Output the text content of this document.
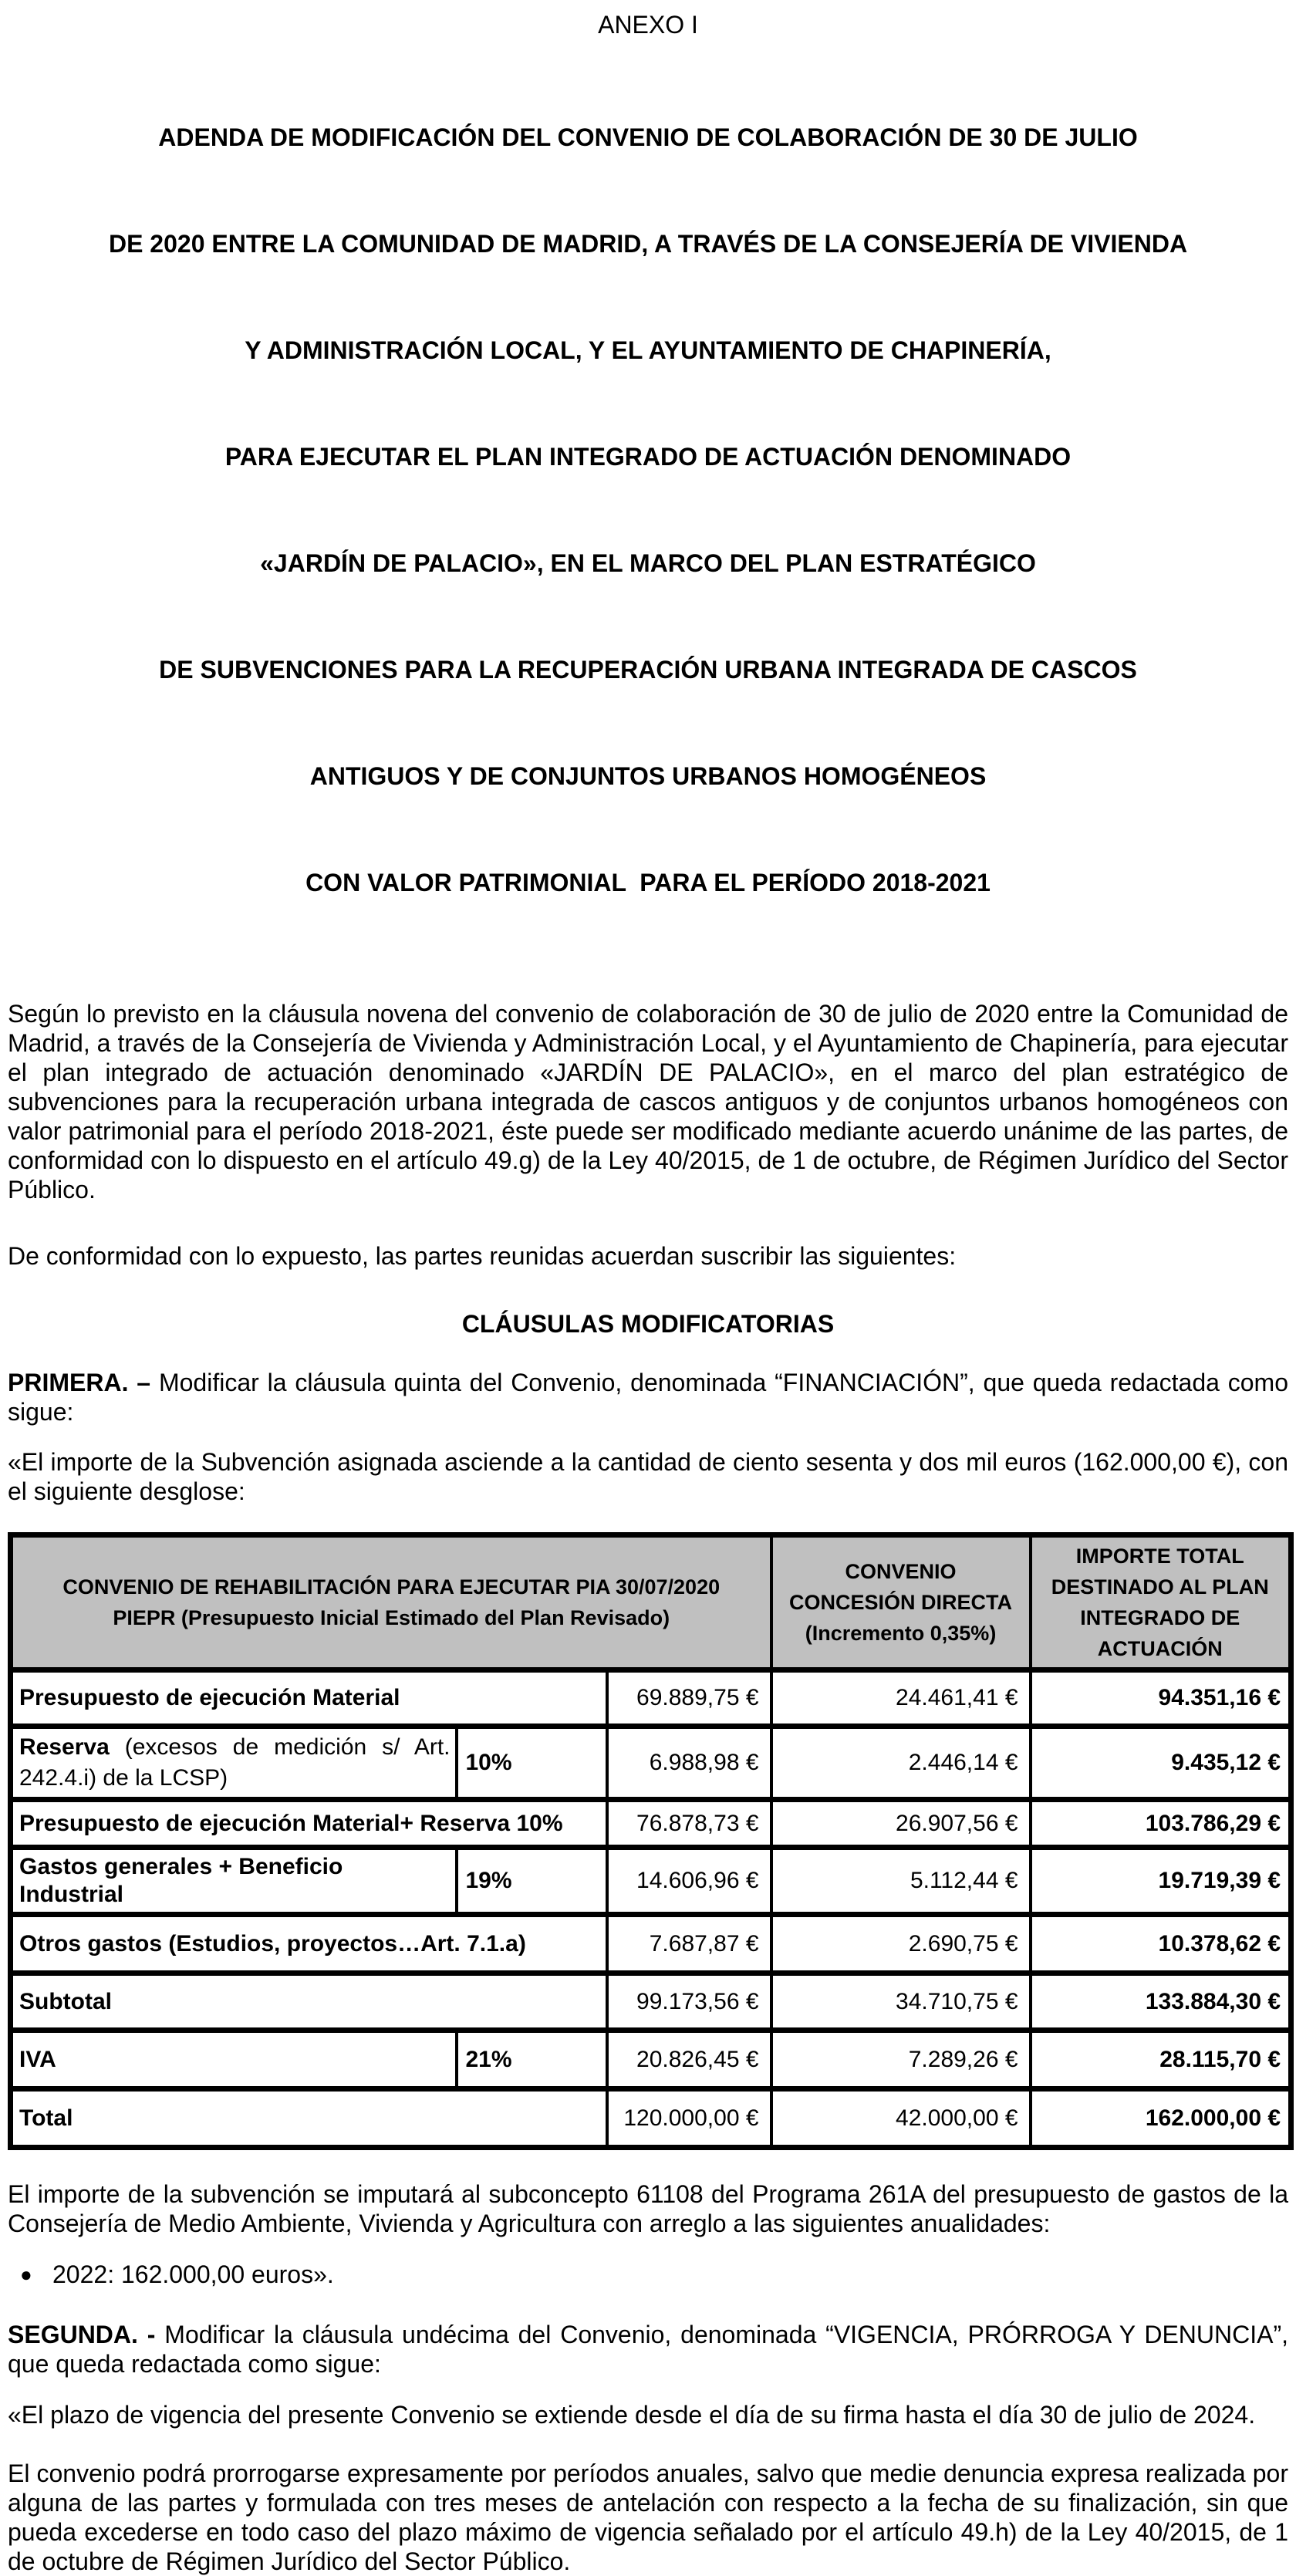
ANEXO I

ADENDA DE MODIFICACIÓN DEL CONVENIO DE COLABORACIÓN DE 30 DE JULIO

DE 2020 ENTRE LA COMUNIDAD DE MADRID, A TRAVÉS DE LA CONSEJERÍA DE VIVIENDA

Y ADMINISTRACIÓN LOCAL, Y EL AYUNTAMIENTO DE CHAPINERÍA,

PARA EJECUTAR EL PLAN INTEGRADO DE ACTUACIÓN DENOMINADO

«JARDÍN DE PALACIO», EN EL MARCO DEL PLAN ESTRATÉGICO

DE SUBVENCIONES PARA LA RECUPERACIÓN URBANA INTEGRADA DE CASCOS

ANTIGUOS Y DE CONJUNTOS URBANOS HOMOGÉNEOS

CON VALOR PATRIMONIAL  PARA EL PERÍODO 2018-2021

Según lo previsto en la cláusula novena del convenio de colaboración de 30 de julio de 2020 entre la Comunidad de Madrid, a través de la Consejería de Vivienda y Administración Local, y el Ayuntamiento de Chapinería, para ejecutar el plan integrado de actuación denominado «JARDÍN DE PALACIO», en el marco del plan estratégico de subvenciones para la recuperación urbana integrada de cascos antiguos y de conjuntos urbanos homogéneos con valor patrimonial para el período 2018-2021, éste puede ser modificado mediante acuerdo unánime de las partes, de conformidad con lo dispuesto en el artículo 49.g) de la Ley 40/2015, de 1 de octubre, de Régimen Jurídico del Sector Público.

De conformidad con lo expuesto, las partes reunidas acuerdan suscribir las siguientes:

CLÁUSULAS MODIFICATORIAS

PRIMERA. – Modificar la cláusula quinta del Convenio, denominada “FINANCIACIÓN”, que queda redactada como sigue:

«El importe de la Subvención asignada asciende a la cantidad de ciento sesenta y dos mil euros (162.000,00 €), con el siguiente desglose:

CONVENIO DE REHABILITACIÓN PARA EJECUTAR PIA 30/07/2020
PIEPR (Presupuesto Inicial Estimado del Plan Revisado)

CONVENIO
CONCESIÓN DIRECTA
(Incremento 0,35%)

IMPORTE TOTAL
DESTINADO AL PLAN
INTEGRADO DE
ACTUACIÓN

Presupuesto de ejecución Material		69.889,75 €	24.461,41 €	94.351,16 €

Reserva (excesos de medición s/ Art.
242.4.i) de la LCSP)	10%	6.988,98 €	2.446,14 €	9.435,12 €
Presupuesto de ejecución Material+ Reserva 10%		76.878,73 €	26.907,56 €	103.786,29 €
Gastos generales + Beneficio Industrial	19%	14.606,96 €	5.112,44 €	19.719,39 €
Otros gastos (Estudios, proyectos…Art. 7.1.a)		7.687,87 €	2.690,75 €	10.378,62 €
Subtotal		99.173,56 €	34.710,75 €	133.884,30 €
IVA	21%	20.826,45 €	7.289,26 €	28.115,70 €
Total		120.000,00 €	42.000,00 €	162.000,00 €

El importe de la subvención se imputará al subconcepto 61108 del Programa 261A del presupuesto de gastos de la Consejería de Medio Ambiente, Vivienda y Agricultura con arreglo a las siguientes anualidades:

● 2022: 162.000,00 euros».

SEGUNDA. - Modificar la cláusula undécima del Convenio, denominada “VIGENCIA, PRÓRROGA Y DENUNCIA”, que queda redactada como sigue:

«El plazo de vigencia del presente Convenio se extiende desde el día de su firma hasta el día 30 de julio de 2024.

El convenio podrá prorrogarse expresamente por períodos anuales, salvo que medie denuncia expresa realizada por alguna de las partes y formulada con tres meses de antelación con respecto a la fecha de su finalización, sin que pueda excederse en todo caso del plazo máximo de vigencia señalado por el artículo 49.h) de la Ley 40/2015, de 1 de octubre de Régimen Jurídico del Sector Público.
